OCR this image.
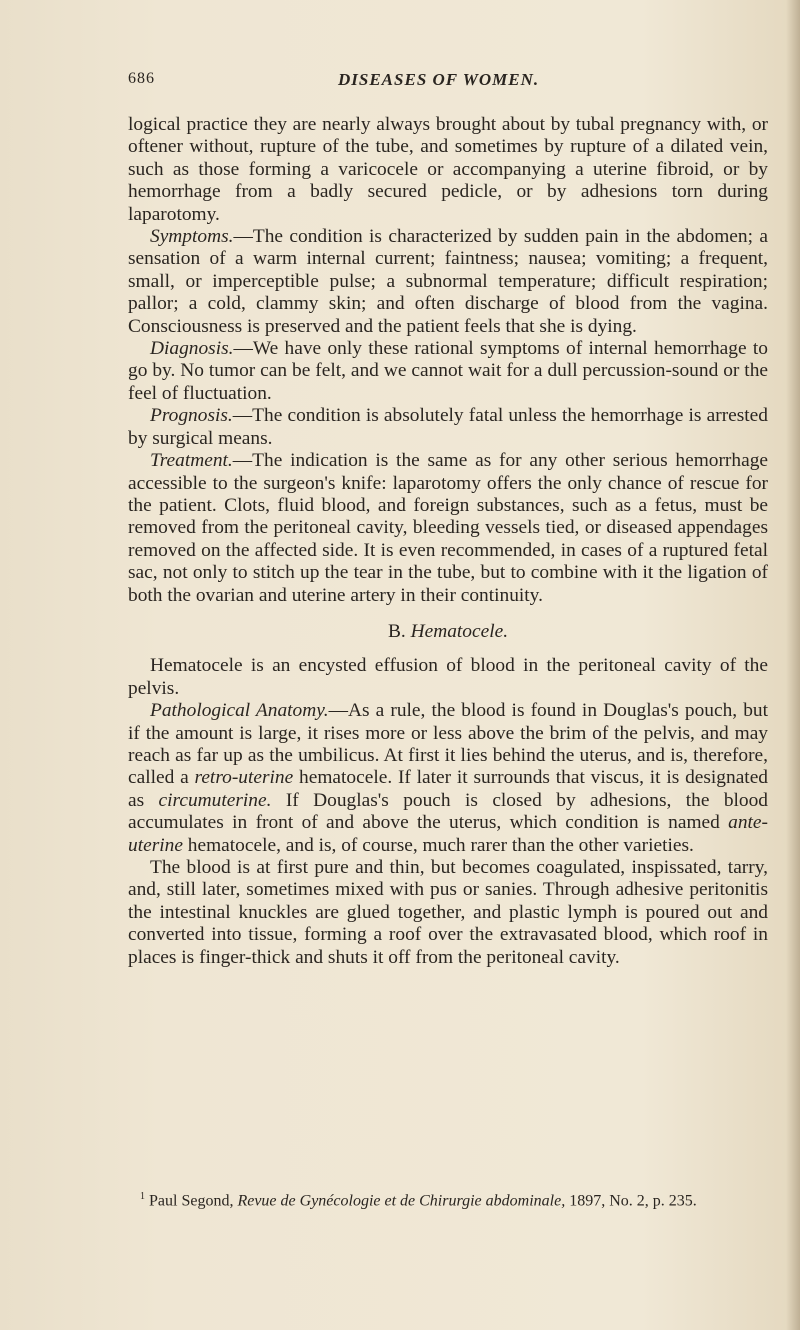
686	DISEASES OF WOMEN.

logical practice they are nearly always brought about by tubal pregnancy with, or oftener without, rupture of the tube, and sometimes by rupture of a dilated vein, such as those forming a varicocele or accompanying a uterine fibroid, or by hemorrhage from a badly secured pedicle, or by adhesions torn during laparotomy.

Symptoms.—The condition is characterized by sudden pain in the abdomen; a sensation of a warm internal current; faintness; nausea; vomiting; a frequent, small, or imperceptible pulse; a subnormal temperature; difficult respiration; pallor; a cold, clammy skin; and often discharge of blood from the vagina. Consciousness is preserved and the patient feels that she is dying.

Diagnosis.—We have only these rational symptoms of internal hemorrhage to go by. No tumor can be felt, and we cannot wait for a dull percussion-sound or the feel of fluctuation.

Prognosis.—The condition is absolutely fatal unless the hemorrhage is arrested by surgical means.

Treatment.—The indication is the same as for any other serious hemorrhage accessible to the surgeon's knife: laparotomy offers the only chance of rescue for the patient. Clots, fluid blood, and foreign substances, such as a fetus, must be removed from the peritoneal cavity, bleeding vessels tied, or diseased appendages removed on the affected side. It is even recommended, in cases of a ruptured fetal sac, not only to stitch up the tear in the tube, but to combine with it the ligation of both the ovarian and uterine artery in their continuity.

B. Hematocele.

Hematocele is an encysted effusion of blood in the peritoneal cavity of the pelvis.

Pathological Anatomy.—As a rule, the blood is found in Douglas's pouch, but if the amount is large, it rises more or less above the brim of the pelvis, and may reach as far up as the umbilicus. At first it lies behind the uterus, and is, therefore, called a retro-uterine hematocele. If later it surrounds that viscus, it is designated as circumuterine. If Douglas's pouch is closed by adhesions, the blood accumulates in front of and above the uterus, which condition is named ante-uterine hematocele, and is, of course, much rarer than the other varieties.

The blood is at first pure and thin, but becomes coagulated, inspissated, tarry, and, still later, sometimes mixed with pus or sanies. Through adhesive peritonitis the intestinal knuckles are glued together, and plastic lymph is poured out and converted into tissue, forming a roof over the extravasated blood, which roof in places is finger-thick and shuts it off from the peritoneal cavity.

$^1$ Paul Segond, Revue de Gynécologie et de Chirurgie abdominale, 1897, No. 2, p. 235.
